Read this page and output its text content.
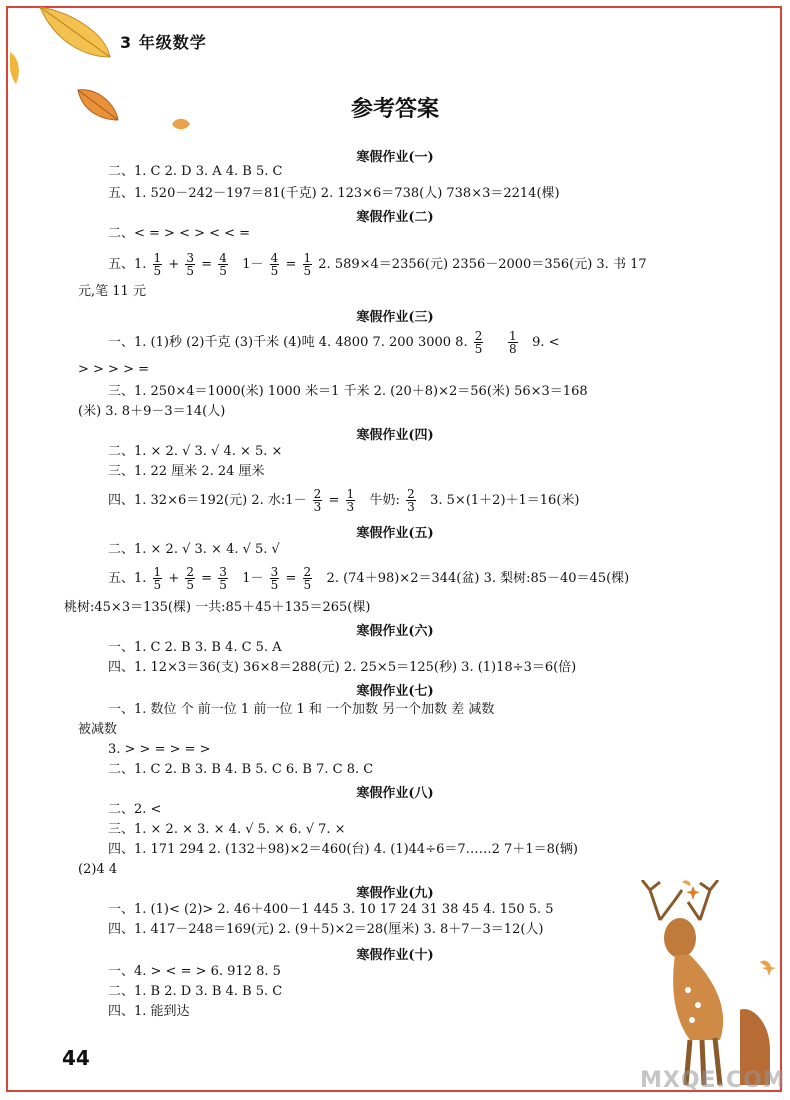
3 年级数学
参考答案
寒假作业(一)
二、1. C 2. D 3. A 4. B 5. C
五、1. 520－242－197＝81(千克) 2. 123×6＝738(人) 738×3＝2214(棵)
寒假作业(二)
二、< = > < > < < =
五、1. $\frac{1}{5} + \frac{3}{5} = \frac{4}{5} 1- \frac{4}{5} = \frac{1}{5} 2$. 589×4＝2356(元) 2356－2000＝356(元) 3. 书 17
元,笔 11 元
寒假作业(三)
一、1. (1)秒 (2)千克 (3)千米 (4)吨 4. 4800 7. 200 3000 8. $\frac{2}{5}$
$\frac{1}{8} 9$. <
> > > > =
三、1. 250×4＝1000(米) 1000 米＝1 千米 2. (20＋8)×2＝56(米) 56×3＝168
(米) 3. 8＋9－3＝14(人)
寒假作业(四)
二、1. × 2. √ 3. √ 4. × 5. ×
三、1. 22 厘米 2. 24 厘米
四、1. 32×6＝192(元) 2. 水:1－ $\frac{2}{3} = \frac{1}{3}$ 牛奶: $\frac{2}{3} 3$. 5×(1＋2)＋1＝16(米)
寒假作业(五)
二、1. × 2. √ 3. × 4. √ 5. √
五、1. $\frac{1}{5} + \frac{2}{5} = \frac{3}{5} 1- \frac{3}{5} = \frac{2}{5} 2$. (74＋98)×2＝344(盆) 3. 梨树:85－40＝45(棵)
桃树:45×3＝135(棵) 一共:85＋45＋135＝265(棵)
寒假作业(六)
一、1. C 2. B 3. B 4. C 5. A
四、1. 12×3＝36(支) 36×8＝288(元) 2. 25×5＝125(秒) 3. (1)18÷3＝6(倍)
寒假作业(七)
一、1. 数位 个 前一位 1 前一位 1 和 一个加数 另一个加数 差 减数
被减数
3. > > = > = >
二、1. C 2. B 3. B 4. B 5. C 6. B 7. C 8. C
寒假作业(八)
二、2. <
三、1. × 2. × 3. × 4. √ 5. × 6. √ 7. ×
四、1. 171 294 2. (132＋98)×2＝460(台) 4. (1)44÷6＝7……2 7＋1＝8(辆)
(2)4 4
寒假作业(九)
一、1. (1)< (2)> 2. 46＋400－1 445 3. 10 17 24 31 38 45 4. 150 5. 5
四、1. 417－248＝169(元) 2. (9＋5)×2＝28(厘米) 3. 8＋7－3＝12(人)
寒假作业(十)
一、4. > < = > 6. 912 8. 5
二、1. B 2. D 3. B 4. B 5. C
四、1. 能到达
44
MXQE.COM
